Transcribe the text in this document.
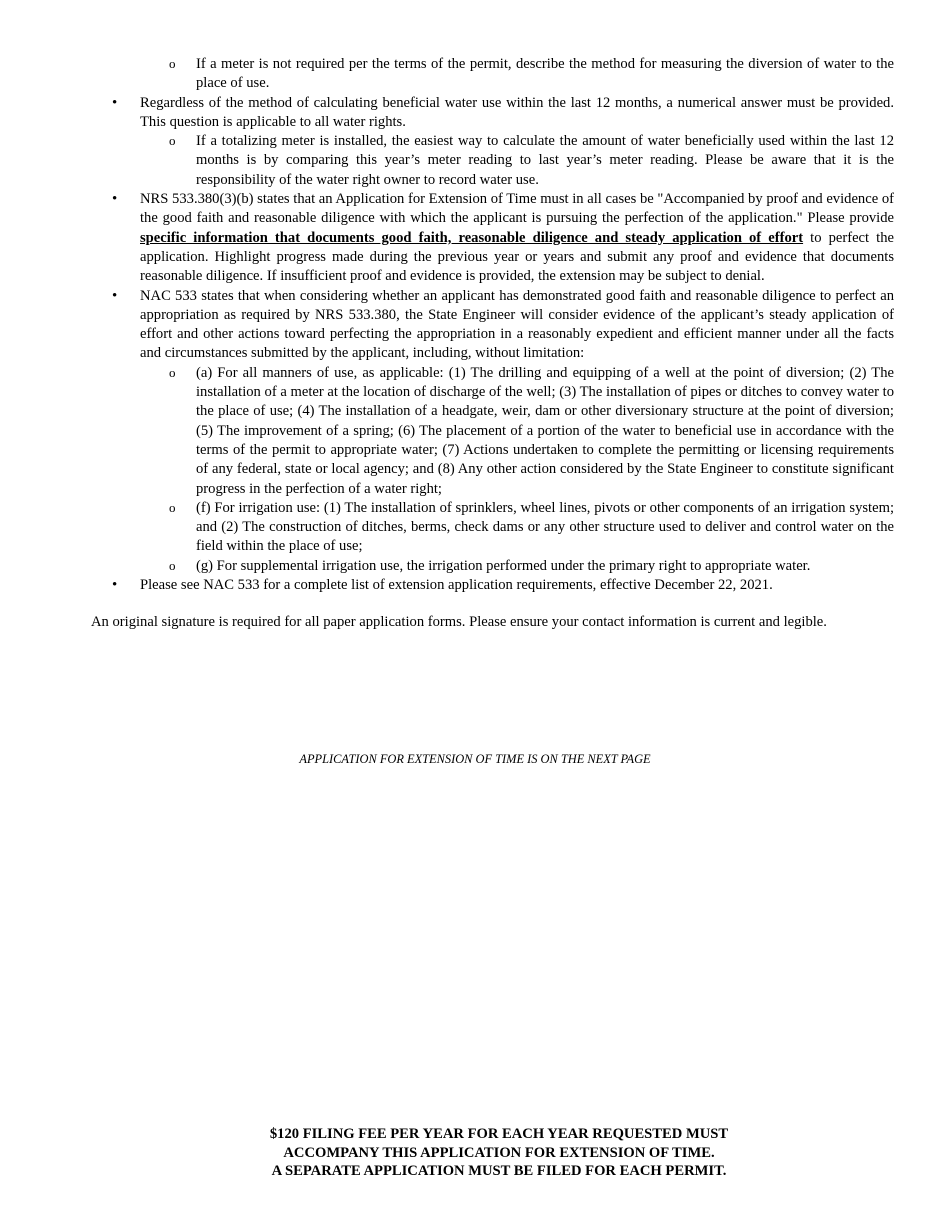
o If a meter is not required per the terms of the permit, describe the method for measuring the diversion of water to the place of use.
• Regardless of the method of calculating beneficial water use within the last 12 months, a numerical answer must be provided. This question is applicable to all water rights.
o If a totalizing meter is installed, the easiest way to calculate the amount of water beneficially used within the last 12 months is by comparing this year’s meter reading to last year’s meter reading. Please be aware that it is the responsibility of the water right owner to record water use.
• NRS 533.380(3)(b) states that an Application for Extension of Time must in all cases be "Accompanied by proof and evidence of the good faith and reasonable diligence with which the applicant is pursuing the perfection of the application." Please provide specific information that documents good faith, reasonable diligence and steady application of effort to perfect the application. Highlight progress made during the previous year or years and submit any proof and evidence that documents reasonable diligence. If insufficient proof and evidence is provided, the extension may be subject to denial.
• NAC 533 states that when considering whether an applicant has demonstrated good faith and reasonable diligence to perfect an appropriation as required by NRS 533.380, the State Engineer will consider evidence of the applicant’s steady application of effort and other actions toward perfecting the appropriation in a reasonably expedient and efficient manner under all the facts and circumstances submitted by the applicant, including, without limitation:
o (a) For all manners of use, as applicable: (1) The drilling and equipping of a well at the point of diversion; (2) The installation of a meter at the location of discharge of the well; (3) The installation of pipes or ditches to convey water to the place of use; (4) The installation of a headgate, weir, dam or other diversionary structure at the point of diversion; (5) The improvement of a spring; (6) The placement of a portion of the water to beneficial use in accordance with the terms of the permit to appropriate water; (7) Actions undertaken to complete the permitting or licensing requirements of any federal, state or local agency; and (8) Any other action considered by the State Engineer to constitute significant progress in the perfection of a water right;
o (f) For irrigation use: (1) The installation of sprinklers, wheel lines, pivots or other components of an irrigation system; and (2) The construction of ditches, berms, check dams or any other structure used to deliver and control water on the field within the place of use;
o (g) For supplemental irrigation use, the irrigation performed under the primary right to appropriate water.
• Please see NAC 533 for a complete list of extension application requirements, effective December 22, 2021.
An original signature is required for all paper application forms. Please ensure your contact information is current and legible.
APPLICATION FOR EXTENSION OF TIME IS ON THE NEXT PAGE
$120 FILING FEE PER YEAR FOR EACH YEAR REQUESTED MUST
ACCOMPANY THIS APPLICATION FOR EXTENSION OF TIME.
A SEPARATE APPLICATION MUST BE FILED FOR EACH PERMIT.
